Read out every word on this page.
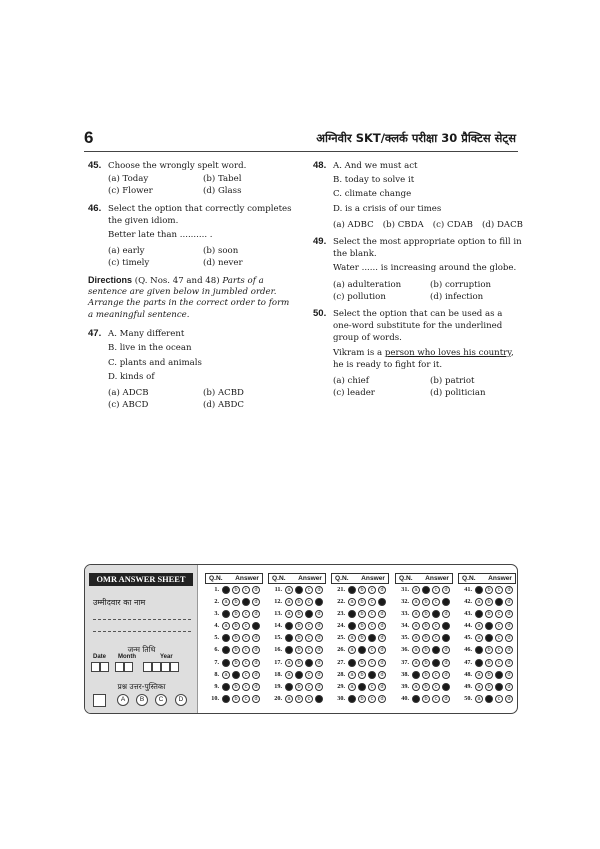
6	अग्निवीर SKT/क्लर्क परीक्षा 30 प्रैक्टिस सेट्स
45. Choose the wrongly spelt word.
(a) Today	(b) Tabel
(c) Flower	(d) Glass
46. Select the option that correctly completes the given idiom.
Better late than .......... .
(a) early	(b) soon
(c) timely	(d) never
Directions (Q. Nos. 47 and 48) Parts of a sentence are given below in jumbled order. Arrange the parts in the correct order to form a meaningful sentence.
47. A. Many different
B. live in the ocean
C. plants and animals
D. kinds of
(a) ADCB	(b) ACBD
(c) ABCD	(d) ABDC
48. A. And we must act
B. today to solve it
C. climate change
D. is a crisis of our times
(a) ADBC (b) CBDA (c) CDAB (d) DACB
49. Select the most appropriate option to fill in the blank.
Water ...... is increasing around the globe.
(a) adulteration	(b) corruption
(c) pollution	(d) infection
50. Select the option that can be used as a one-word substitute for the underlined group of words.
Vikram is a person who loves his country, he is ready to fight for it.
(a) chief	(b) patriot
(c) leader	(d) politician
OMR ANSWER SHEET
उम्मीदवार का नाम
जन्म तिथि
Date Month	Year
प्रश्न उत्तर-पुस्तिका
A	B	C	D
Q.N. Answer
1.	a	b	c	d
2.	a	b	c	d
3.	a	b	c	d
4.	a	b	c	d
5.	a	b	c	d
6.	a	b	c	d
7.	a	b	c	d
8.	a	b	c	d
9.	a	b	c	d
10.	a	b	c	d
Q.N. Answer
11.	a	b	c	d
12.	a	b	c	d
13.	a	b	c	d
14.	a	b	c	d
15.	a	b	c	d
16.	a	b	c	d
17.	a	b	c	d
18.	a	b	c	d
19.	a	b	c	d
20.	a	b	c	d
Q.N. Answer
21.	a	b	c	d
22.	a	b	c	d
23.	a	b	c	d
24.	a	b	c	d
25.	a	b	c	d
26.	a	b	c	d
27.	a	b	c	d
28.	a	b	c	d
29.	a	b	c	d
30.	a	b	c	d
Q.N. Answer
31.	a	b	c	d
32.	a	b	c	d
33.	a	b	c	d
34.	a	b	c	d
35.	a	b	c	d
36.	a	b	c	d
37.	a	b	c	d
38.	a	b	c	d
39.	a	b	c	d
40.	a	b	c	d
Q.N. Answer
41.	a	b	c	d
42.	a	b	c	d
43.	a	b	c	d
44.	a	b	c	d
45.	a	b	c	d
46.	a	b	c	d
47.	a	b	c	d
48.	a	b	c	d
49.	a	b	c	d
50.	a	b	c	d
